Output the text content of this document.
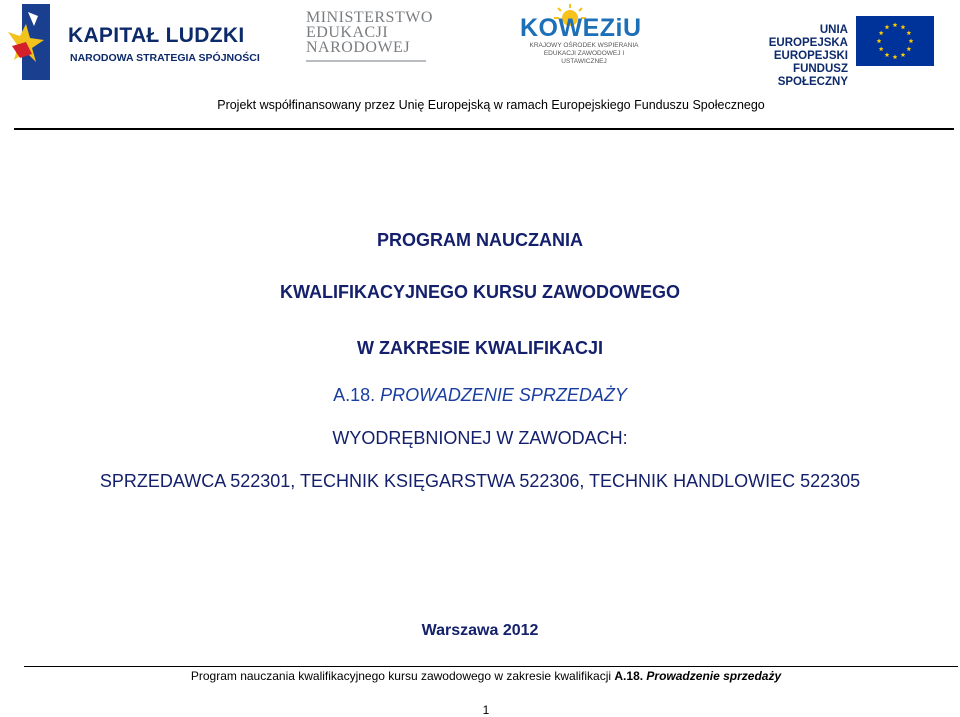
KAPITAŁ LUDZKI
NARODOWA STRATEGIA SPÓJNOŚCI
MINISTERSTWO
EDUKACJI
NARODOWEJ
KOWEZiU
KRAJOWY OŚRODEK WSPIERANIA
EDUKACJI ZAWODOWEJ I USTAWICZNEJ
UNIA EUROPEJSKA
EUROPEJSKI
FUNDUSZ SPOŁECZNY
Projekt współfinansowany przez Unię Europejską w ramach Europejskiego Funduszu Społecznego
PROGRAM NAUCZANIA
KWALIFIKACYJNEGO KURSU ZAWODOWEGO
W ZAKRESIE KWALIFIKACJI
A.18. PROWADZENIE SPRZEDAŻY
WYODRĘBNIONEJ W ZAWODACH:
SPRZEDAWCA 522301, TECHNIK KSIĘGARSTWA 522306, TECHNIK HANDLOWIEC 522305
Warszawa 2012
Program nauczania kwalifikacyjnego kursu zawodowego w zakresie kwalifikacji A.18. Prowadzenie sprzedaży
1
